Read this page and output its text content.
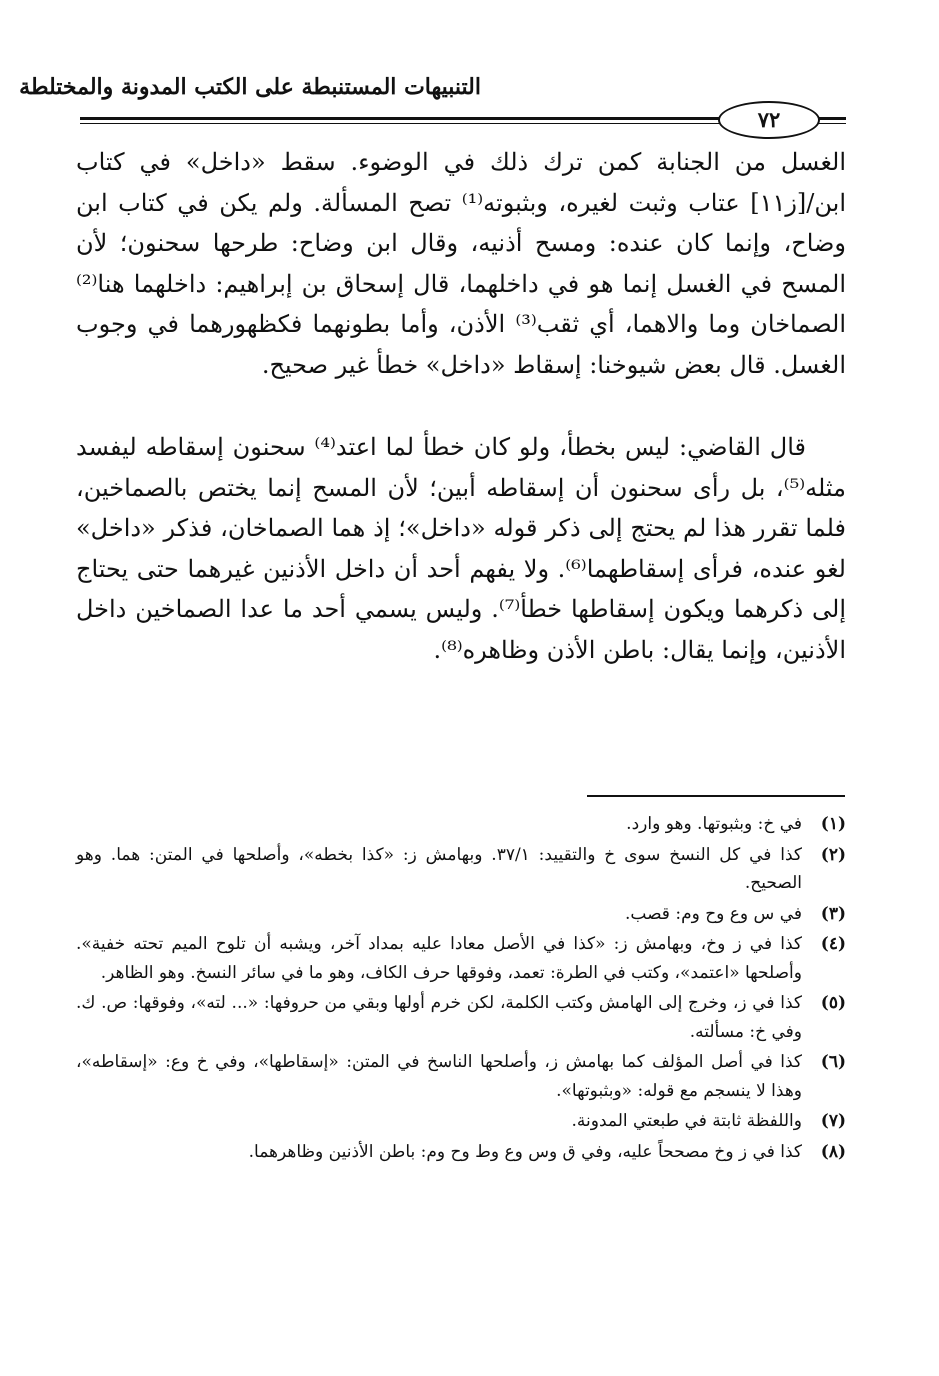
التنبيهات المستنبطة على الكتب المدونة والمختلطة
٧٢

الغسل من الجنابة كمن ترك ذلك في الوضوء. سقط «داخل» في كتاب ابن/[ز١١] عتاب وثبت لغيره، وبثبوته⁽¹⁾ تصح المسألة. ولم يكن في كتاب ابن وضاح، وإنما كان عنده: ومسح أذنيه، وقال ابن وضاح: طرحها سحنون؛ لأن المسح في الغسل إنما هو في داخلهما، قال إسحاق بن إبراهيم: داخلهما هنا⁽²⁾ الصماخان وما والاهما، أي ثقب⁽³⁾ الأذن، وأما بطونهما فكظهورهما في وجوب الغسل. قال بعض شيوخنا: إسقاط «داخل» خطأ غير صحيح.

قال القاضي: ليس بخطأ، ولو كان خطأ لما اعتد⁽⁴⁾ سحنون إسقاطه ليفسد مثله⁽⁵⁾، بل رأى سحنون أن إسقاطه أبين؛ لأن المسح إنما يختص بالصماخين، فلما تقرر هذا لم يحتج إلى ذكر قوله «داخل»؛ إذ هما الصماخان، فذكر «داخل» لغو عنده، فرأى إسقاطهما⁽⁶⁾. ولا يفهم أحد أن داخل الأذنين غيرهما حتى يحتاج إلى ذكرهما ويكون إسقاطها خطأ⁽⁷⁾. وليس يسمي أحد ما عدا الصماخين داخل الأذنين، وإنما يقال: باطن الأذن وظاهره⁽⁸⁾.

(١)
في خ: وبثبوتها. وهو وارد.
(٢)
كذا في كل النسخ سوى خ والتقييد: ٣٧/١. وبهامش ز: «كذا بخطه»، وأصلحها في المتن: هما. وهو الصحيح.
(٣)
في س وع وح وم: قصب.
(٤)
كذا في ز وخ، وبهامش ز: «كذا في الأصل معادا عليه بمداد آخر، ويشبه أن تلوح الميم تحته خفية». وأصلحها «اعتمد»، وكتب في الطرة: تعمد، وفوقها حرف الكاف، وهو ما في سائر النسخ. وهو الظاهر.
(٥)
كذا في ز، وخرج إلى الهامش وكتب الكلمة، لكن خرم أولها وبقي من حروفها: «... لته»، وفوقها: ص. ك. وفي خ: مسألته.
(٦)
كذا في أصل المؤلف كما بهامش ز، وأصلحها الناسخ في المتن: «إسقاطها»، وفي خ وع: «إسقاطه»، وهذا لا ينسجم مع قوله: «وبثبوتها».
(٧)
واللفظة ثابتة في طبعتي المدونة.
(٨)
كذا في ز وخ مصححاً عليه، وفي ق وس وع وط وح وم: باطن الأذنين وظاهرهما.
